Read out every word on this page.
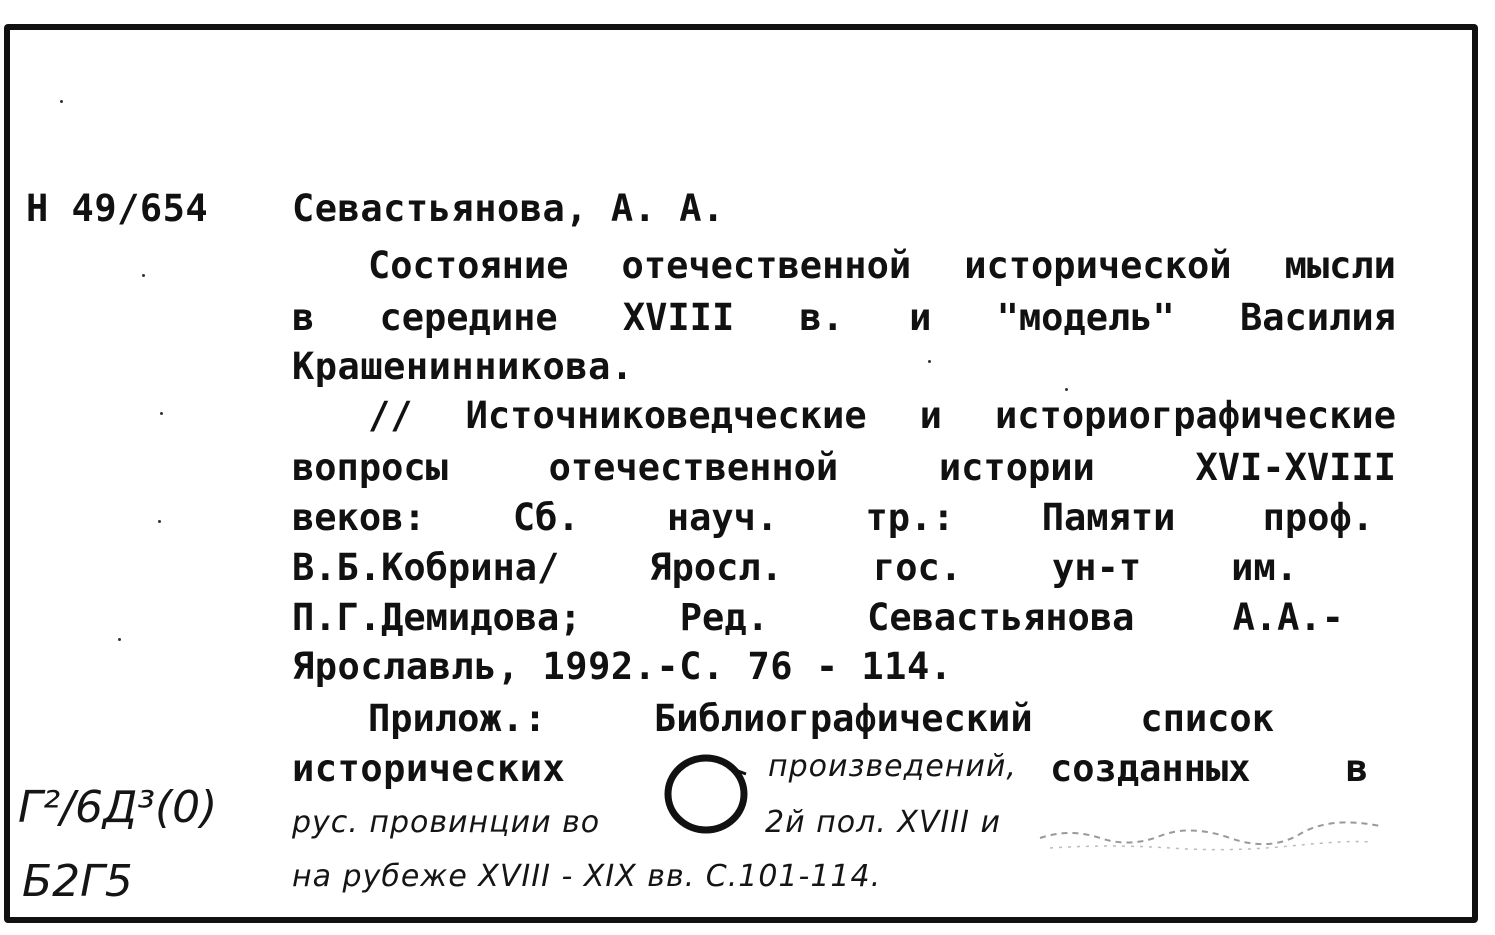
Н 49/654 Севастьянова, А. А.
Состояние отечественной исторической мысли
в середине XVIII в. и "модель" Василия
Крашенинникова.
// Источниковедческие и историографические
вопросы	отечественной	истории	XVI-XVIII
веков: Сб. науч. тр.: Памяти проф.
В.Б.Кобрина/ Яросл. гос. ун-т им.
П.Г.Демидова;	Ред.	Севастьянова	А.А.-
Ярославль, 1992.-С. 76 - 114.
Прилож.:	Библиографический	список
исторических	произведений, созданных	в
рус. провинции во	2й пол. XVIII и
на рубеже XVIII - XIX вв. С.101-114.
Г²/6Д³(0)
Б2Г5
